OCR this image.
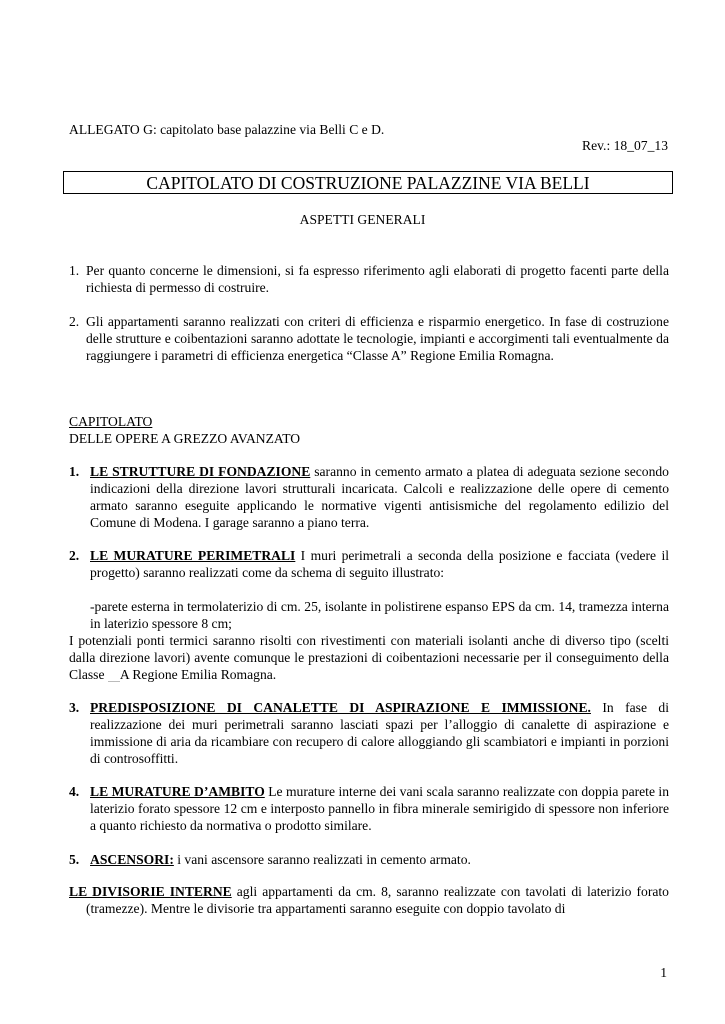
ALLEGATO G: capitolato base palazzine via Belli C e D.
Rev.: 18_07_13
CAPITOLATO DI COSTRUZIONE PALAZZINE VIA BELLI
ASPETTI GENERALI
1. Per quanto concerne le dimensioni, si fa espresso riferimento agli elaborati di progetto facenti parte della richiesta di permesso di costruire.
2. Gli appartamenti saranno realizzati con criteri di efficienza e risparmio energetico. In fase di costruzione delle strutture e coibentazioni saranno adottate le tecnologie, impianti e accorgimenti tali eventualmente da raggiungere i parametri di efficienza energetica “Classe A” Regione Emilia Romagna.
CAPITOLATO
DELLE OPERE A GREZZO AVANZATO
1. LE STRUTTURE DI FONDAZIONE saranno in cemento armato a platea di adeguata sezione secondo indicazioni della direzione lavori strutturali incaricata. Calcoli e realizzazione delle opere di cemento armato saranno eseguite applicando le normative vigenti antisismiche del regolamento edilizio del Comune di Modena. I garage saranno a piano terra.
2. LE MURATURE PERIMETRALI I muri perimetrali a seconda della posizione e facciata (vedere il progetto) saranno realizzati come da schema di seguito illustrato:
-parete esterna in termolaterizio di cm. 25, isolante in polistirene espanso EPS da cm. 14, tramezza interna in laterizio spessore 8 cm;
I potenziali ponti termici saranno risolti con rivestimenti con materiali isolanti anche di diverso tipo (scelti dalla direzione lavori) avente comunque le prestazioni di coibentazioni necessarie per il conseguimento della Classe A Regione Emilia Romagna.
3. PREDISPOSIZIONE DI CANALETTE DI ASPIRAZIONE E IMMISSIONE. In fase di realizzazione dei muri perimetrali saranno lasciati spazi per l’alloggio di canalette di aspirazione e immissione di aria da ricambiare con recupero di calore alloggiando gli scambiatori e impianti in porzioni di controsoffitti.
4. LE MURATURE D’AMBITO Le murature interne dei vani scala saranno realizzate con doppia parete in laterizio forato spessore 12 cm e interposto pannello in fibra minerale semirigido di spessore non inferiore a quanto richiesto da normativa o prodotto similare.
5. ASCENSORI: i vani ascensore saranno realizzati in cemento armato.
LE DIVISORIE INTERNE agli appartamenti da cm. 8, saranno realizzate con tavolati di laterizio forato (tramezze). Mentre le divisorie tra appartamenti saranno eseguite con doppio tavolato di
1
